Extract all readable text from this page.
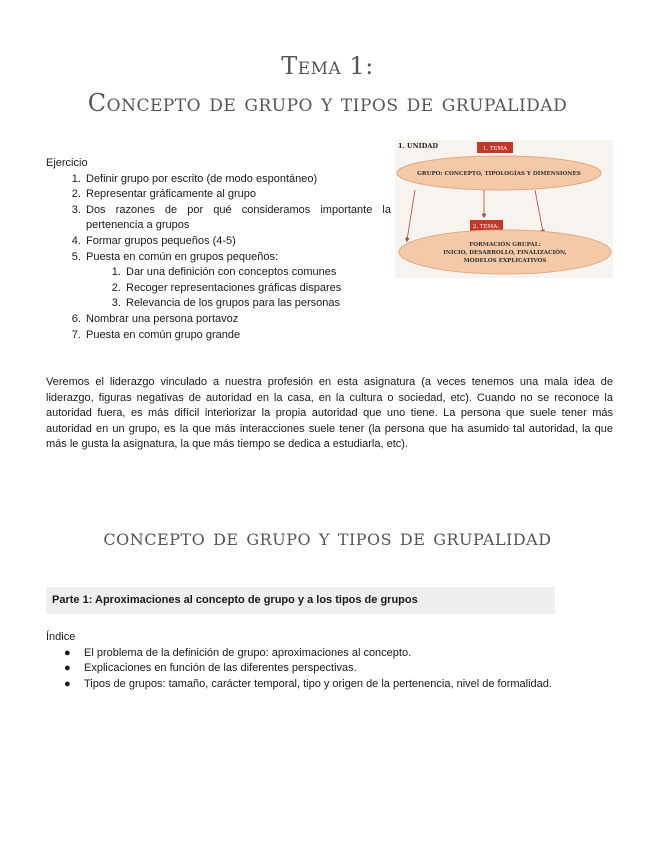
Tema 1:
Concepto de grupo y tipos de grupalidad
Ejercicio
1. Definir grupo por escrito (de modo espontáneo)
2. Representar gráficamente al grupo
3. Dos razones de por qué consideramos importante la pertenencia a grupos
4. Formar grupos pequeños (4-5)
5. Puesta en común en grupos pequeños:
1. Dar una definición con conceptos comunes
2. Recoger representaciones gráficas dispares
3. Relevancia de los grupos para las personas
6. Nombrar una persona portavoz
7. Puesta en común grupo grande
1. UNIDAD	1. TEMA
GRUPO: CONCEPTO, TIPOLOGÍAS Y DIMENSIONES
2. TEMA:
FORMACIÓN GRUPAL:
INICIO, DESARROLLO, FINALIZACIÓN,
MODELOS EXPLICATIVOS

Veremos el liderazgo vinculado a nuestra profesión en esta asignatura (a veces tenemos una mala idea de liderazgo, figuras negativas de autoridad en la casa, en la cultura o sociedad, etc). Cuando no se reconoce la autoridad fuera, es más difícil interiorizar la propia autoridad que uno tiene. La persona que suele tener más autoridad en un grupo, es la que más interacciones suele tener (la persona que ha asumido tal autoridad, la que más le gusta la asignatura, la que más tiempo se dedica a estudiarla, etc).

concepto de grupo y tipos de grupalidad
Parte 1: Aproximaciones al concepto de grupo y a los tipos de grupos
Índice
● El problema de la definición de grupo: aproximaciones al concepto.
● Explicaciones en función de las diferentes perspectivas.
● Tipos de grupos: tamaño, carácter temporal, tipo y origen de la pertenencia, nivel de formalidad.
